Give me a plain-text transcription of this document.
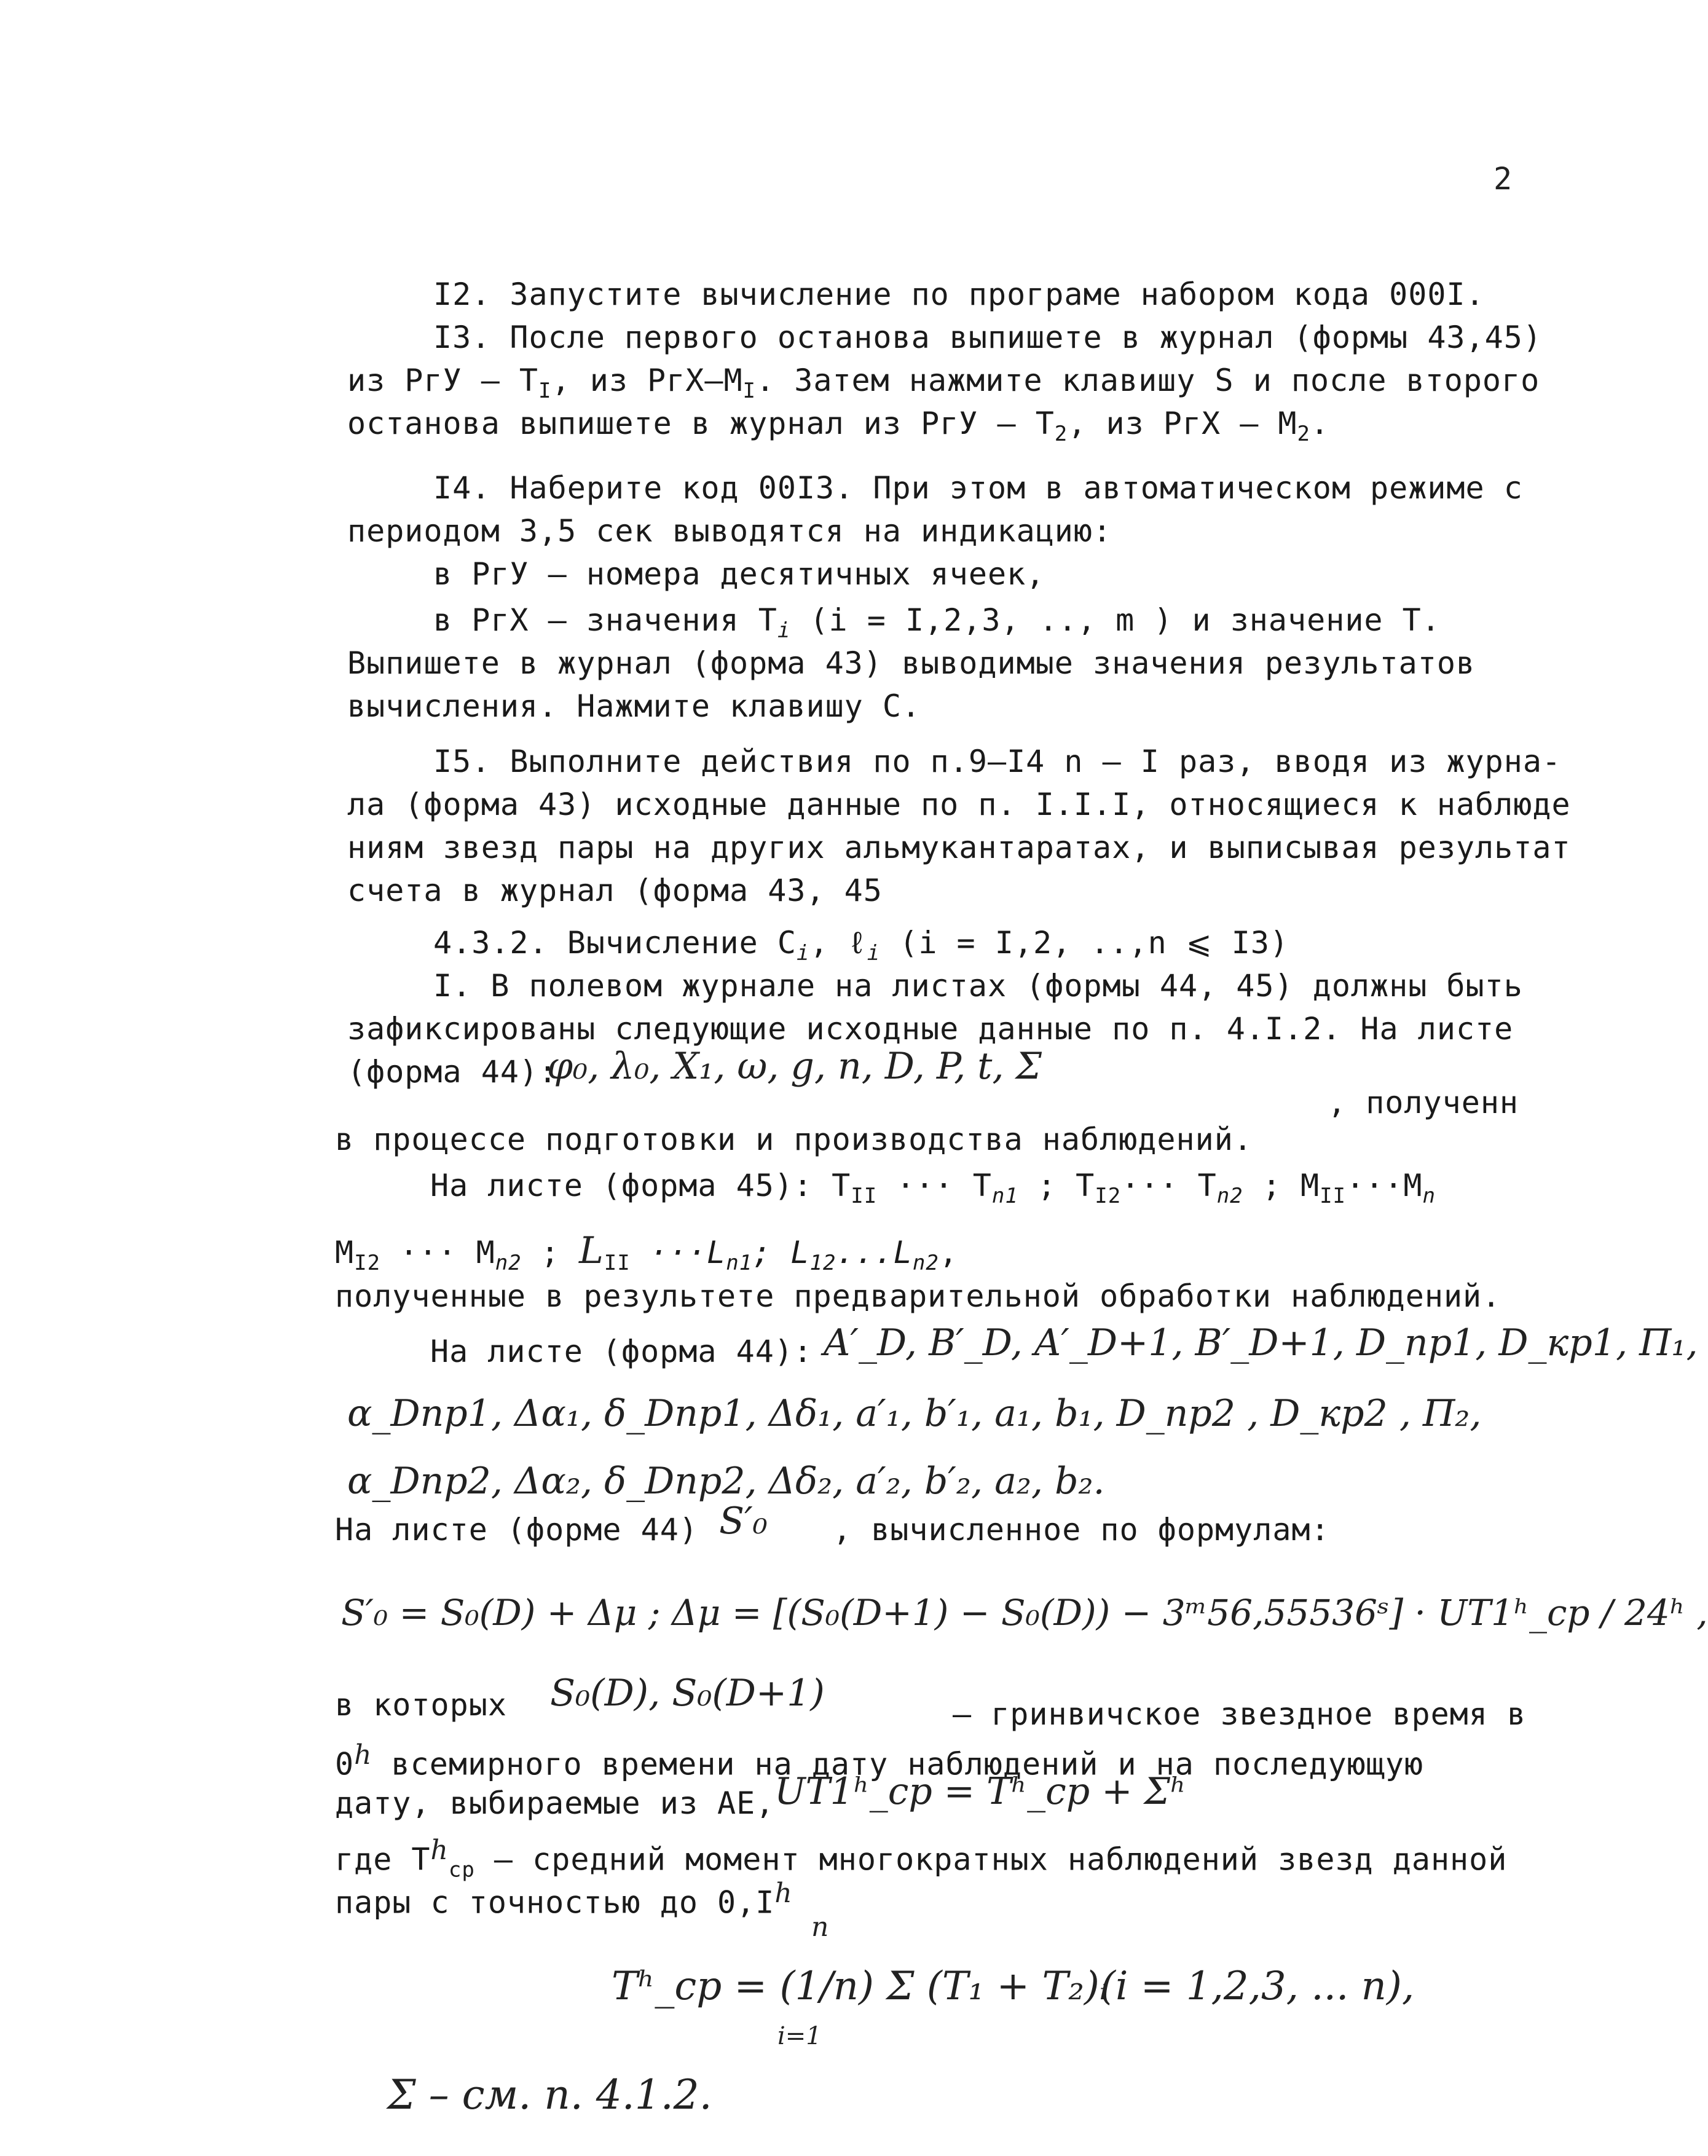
2
I2. Запустите вычисление по програме набором кода 000I.
I3. После первого останова выпишете в журнал (формы 43,45)
из РгУ – $Т_I$, из РгX–$M_I$. Затем нажмите клавишу S и после второго
останова выпишете в журнал из РгУ – $Т_2$, из РгX – $M_2$.
I4. Наберите код 00I3. При этом в автоматическом режиме с
периодом 3,5 сек выводятся на индикацию:
в РгУ – номера десятичных ячеек,
в РгX – значения $Т_i$ (i = I,2,3, .., m ) и значение Т.
Выпишете в журнал (форма 43) выводимые значения результатов
вычисления. Нажмите клавишу С.
I5. Выполните действия по п.9–I4 n – I раз, вводя из журна-
ла (форма 43) исходные данные по п. I.I.I, относящиеся к наблюде
ниям звезд пары на других альмукантаратах, и выписывая результат
счета в журнал (форма 43, 45
4.3.2. Вычисление $C_i$, ℓ$_i$ (i = I,2, ..,n ⩽ I3)
I. В полевом журнале на листах (формы 44, 45) должны быть
зафиксированы следующие исходные данные по п. 4.I.2. На листе
(форма 44):
φ₀, λ₀, X₁, ω, g, n, D, P, t, Σ
, полученн
в процессе подготовки и производства наблюдений.
На листе (форма 45): $T_{II}$ ··· $T_{n1}$ ; $T_{I2}\cdot\cdot\cdot T_{n2}$ ; $M_{II}\cdot\cdot\cdot M_n$
$M_{I2}$ ··· $M_{n2}$ ; $L_{II} \cdot\cdot\cdot L_{n1}$; $L_{12}...L_{n2}$,
полученные в результете предварительной обработки наблюдений.
На листе (форма 44): A′_D, B′_D, A′_D+1, B′_D+1, D_пр1, D_кр1, П₁,
α_Dпр1, Δα₁, δ_Dпр1, Δδ₁, a′₁, b′₁, a₁, b₁, D_пр2 , D_кр2 , П₂,
α_Dпр2, Δα₂, δ_Dпр2, Δδ₂, a′₂, b′₂, a₂, b₂.
На листе (форме 44) S′₀ , вычисленное по формулам:
S′₀ = S₀(D) + Δμ ; Δμ = [(S₀(D+1) − S₀(D)) − 3ᵐ56,55536ˢ] · UT1ʰ_ср / 24ʰ ,
в которых S₀(D), S₀(D+1)	– гринвичское звездное время в
0$^h$ всемирного времени на дату наблюдений и на последующую
дату, выбираемые из АЕ, UT1ʰ_ср = Tʰ_ср + Σʰ
где $T^h_{ср}$ – средний момент многократных наблюдений звезд данной
пары с точностью до $0,I^h$
Tʰ_ср = (1/n) Σ (T₁ + T₂)ᵢ
n
i=1
(i = 1,2,3, ... n),
Σ – см. п. 4.1.2.
